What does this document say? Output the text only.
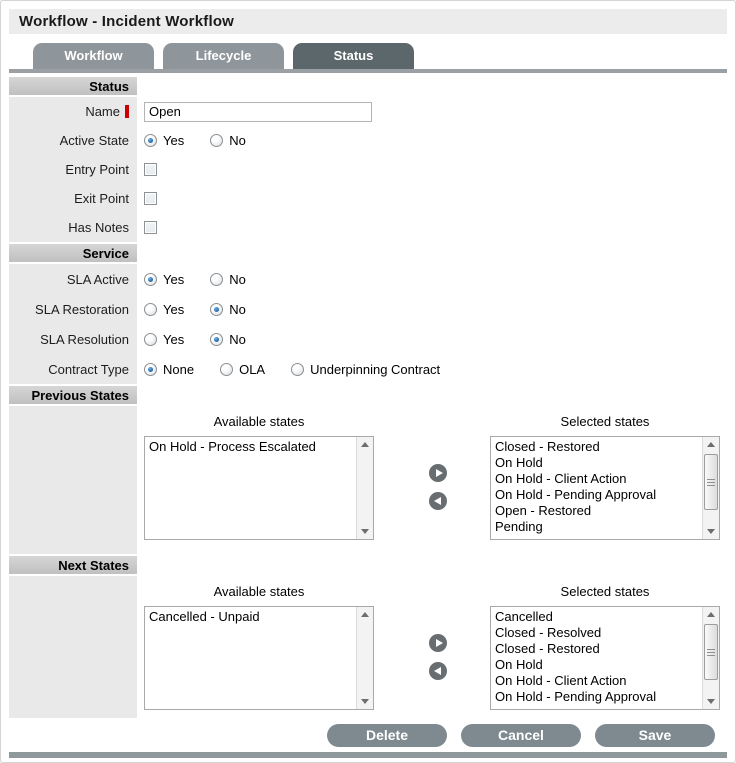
Workflow - Incident Workflow
Workflow	Lifecycle	Status
Status
Name
Open
Active State	Yes	No
Entry Point
Exit Point
Has Notes
Service
SLA Active	Yes	No
SLA Restoration	Yes	No
SLA Resolution	Yes	No
Contract Type	None	OLA	Underpinning Contract
Previous States
Available states	Selected states
On Hold - Process Escalated	Closed - Restored
On Hold
On Hold - Client Action
On Hold - Pending Approval
Open - Restored
Pending
Next States
Available states	Selected states
Cancelled - Unpaid	Cancelled
Closed - Resolved
Closed - Restored
On Hold
On Hold - Client Action
On Hold - Pending Approval
Delete	Cancel	Save
